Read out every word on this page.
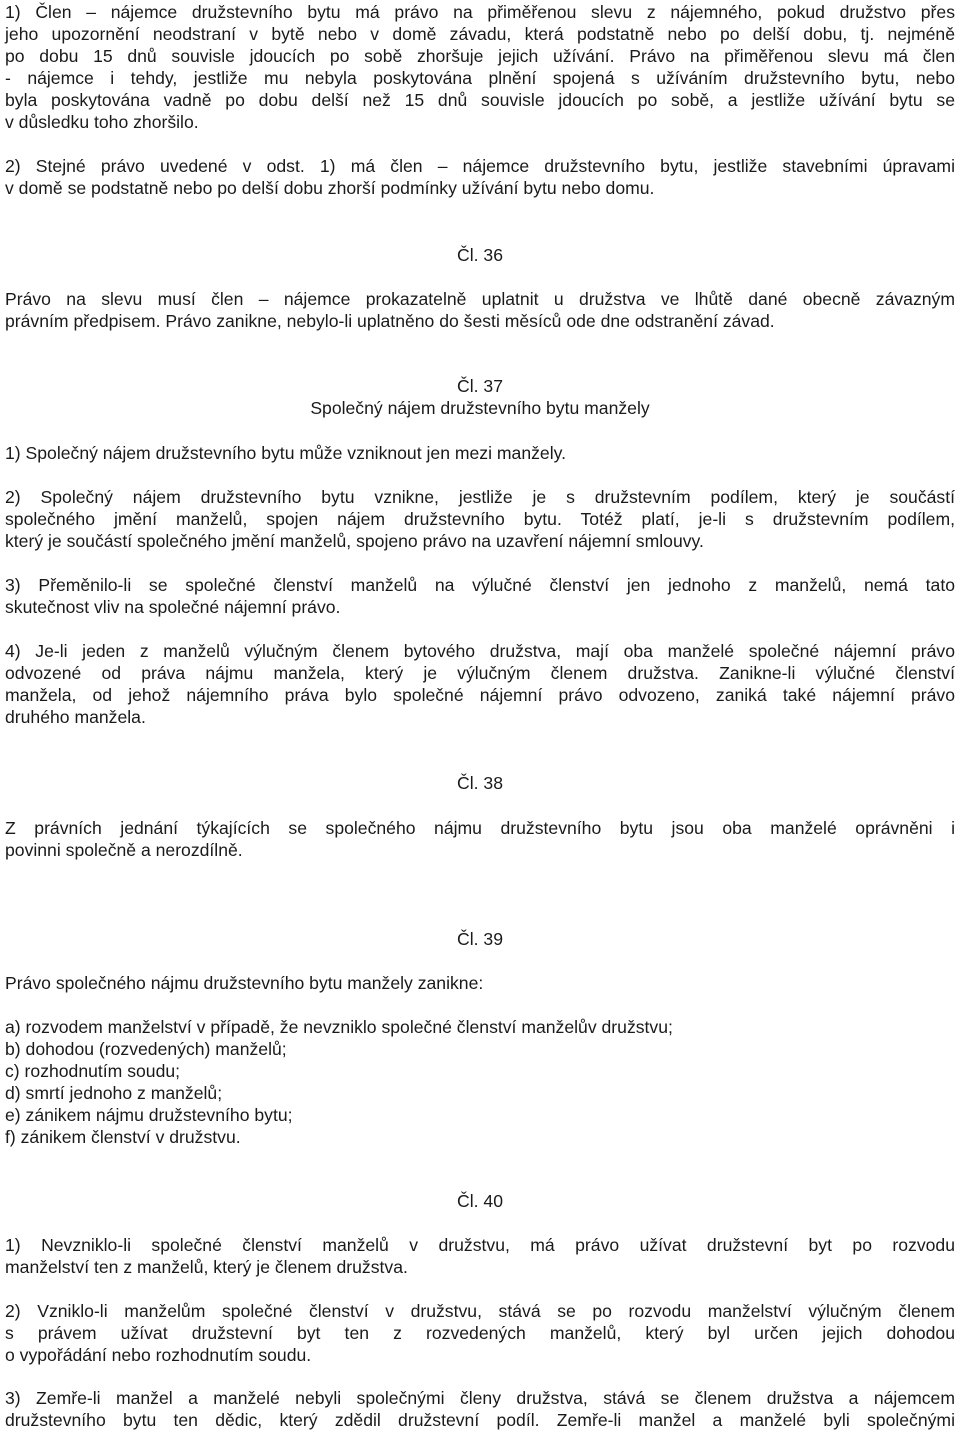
1) Člen – nájemce družstevního bytu má právo na přiměřenou slevu z nájemného, pokud družstvo přes
jeho upozornění neodstraní v bytě nebo v domě závadu, která podstatně nebo po delší dobu, tj. nejméně
po dobu 15 dnů souvisle jdoucích po sobě zhoršuje jejich užívání. Právo na přiměřenou slevu má člen
- nájemce i tehdy, jestliže mu nebyla poskytována plnění spojená s užíváním družstevního bytu, nebo
byla poskytována vadně po dobu delší než 15 dnů souvisle jdoucích po sobě, a jestliže užívání bytu se
v důsledku toho zhoršilo.
2) Stejné právo uvedené v odst. 1) má člen – nájemce družstevního bytu, jestliže stavebními úpravami
v domě se podstatně nebo po delší dobu zhorší podmínky užívání bytu nebo domu.
Čl. 36
Právo na slevu musí člen – nájemce prokazatelně uplatnit u družstva ve lhůtě dané obecně závazným
právním předpisem. Právo zanikne, nebylo-li uplatněno do šesti měsíců ode dne odstranění závad.
Čl. 37
Společný nájem družstevního bytu manžely
1) Společný nájem družstevního bytu může vzniknout jen mezi manžely.
2) Společný nájem družstevního bytu vznikne, jestliže je s družstevním podílem, který je součástí
společného jmění manželů, spojen nájem družstevního bytu. Totéž platí, je-li s družstevním podílem,
který je součástí společného jmění manželů, spojeno právo na uzavření nájemní smlouvy.
3) Přeměnilo-li se společné členství manželů na výlučné členství jen jednoho z manželů, nemá tato
skutečnost vliv na společné nájemní právo.
4) Je-li jeden z manželů výlučným členem bytového družstva, mají oba manželé společné nájemní právo
odvozené od práva nájmu manžela, který je výlučným členem družstva. Zanikne-li výlučné členství
manžela, od jehož nájemního práva bylo společné nájemní právo odvozeno, zaniká také nájemní právo
druhého manžela.
Čl. 38
Z právních jednání týkajících se společného nájmu družstevního bytu jsou oba manželé oprávněni i
povinni společně a nerozdílně.
Čl. 39
Právo společného nájmu družstevního bytu manžely zanikne:
a) rozvodem manželství v případě, že nevzniklo společné členství manželův družstvu;
b) dohodou (rozvedených) manželů;
c) rozhodnutím soudu;
d) smrtí jednoho z manželů;
e) zánikem nájmu družstevního bytu;
f) zánikem členství v družstvu.
Čl. 40
1) Nevzniklo-li společné členství manželů v družstvu, má právo užívat družstevní byt po rozvodu
manželství ten z manželů, který je členem družstva.
2) Vzniklo-li manželům společné členství v družstvu, stává se po rozvodu manželství výlučným členem
s právem užívat družstevní byt ten z rozvedených manželů, který byl určen jejich dohodou
o vypořádání nebo rozhodnutím soudu.
3) Zemře-li manžel a manželé nebyli společnými členy družstva, stává se členem družstva a nájemcem
družstevního bytu ten dědic, který zdědil družstevní podíl. Zemře-li manžel a manželé byli společnými
